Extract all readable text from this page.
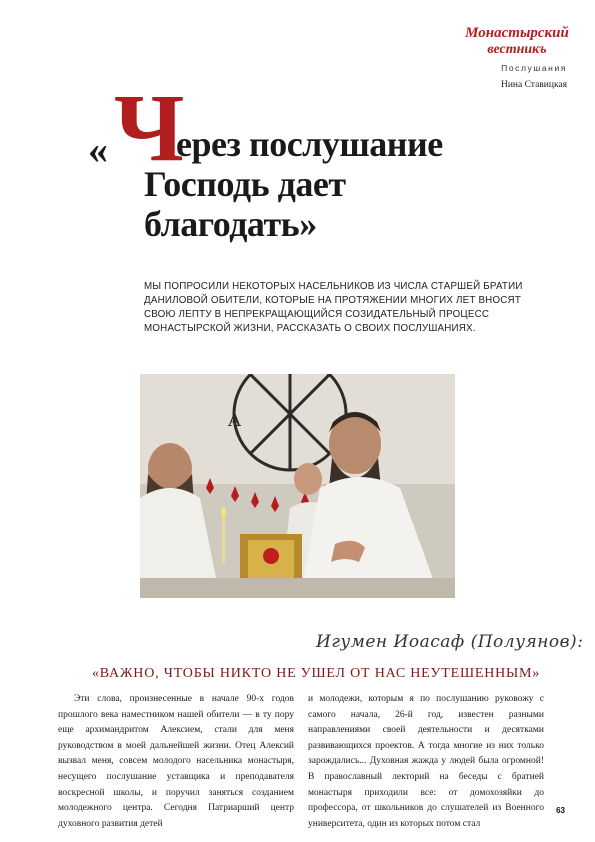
Монастырский
вестникъ
Послушания
Нина Ставицкая
« Ч
ерез послушание
Господь дает
благодать»
МЫ ПОПРОСИЛИ НЕКОТОРЫХ НАСЕЛЬНИКОВ ИЗ ЧИСЛА СТАРШЕЙ БРАТИИ ДАНИЛОВОЙ ОБИТЕЛИ, КОТОРЫЕ НА ПРОТЯЖЕНИИ МНОГИХ ЛЕТ ВНОСЯТ СВОЮ ЛЕПТУ В НЕПРЕКРАЩАЮЩИЙСЯ СОЗИДАТЕЛЬНЫЙ ПРОЦЕСС МОНАСТЫРСКОЙ ЖИЗНИ, РАССКАЗАТЬ О СВОИХ ПОСЛУШАНИЯХ.
A
Игумен Иоасаф (Полуянов):
«ВАЖНО, ЧТОБЫ НИКТО НЕ УШЕЛ ОТ НАС НЕУТЕШЕННЫМ»

Эти слова, произнесенные в начале 90-х годов прошлого века наместником нашей обители — в ту пору еще архимандритом Алексием, стали для меня руководством в моей дальнейшей жизни. Отец Алексий вызвал меня, совсем молодого насельника монастыря, несущего послушание уставщика и преподавателя воскресной школы, и поручил заняться созданием молодежного центра. Сегодня Патриарший центр духовного развития детей

и молодежи, которым я по послушанию руковожу с самого начала, 26-й год, известен разными направлениями своей деятельности и десятками развивающихся проектов. А тогда многие из них только зарождались... Духовная жажда у людей была огромной! В православный лекторий на беседы с братией монастыря приходили все: от домохозяйки до профессора, от школьников до слушателей из Военного университета, один из которых потом стал

63
